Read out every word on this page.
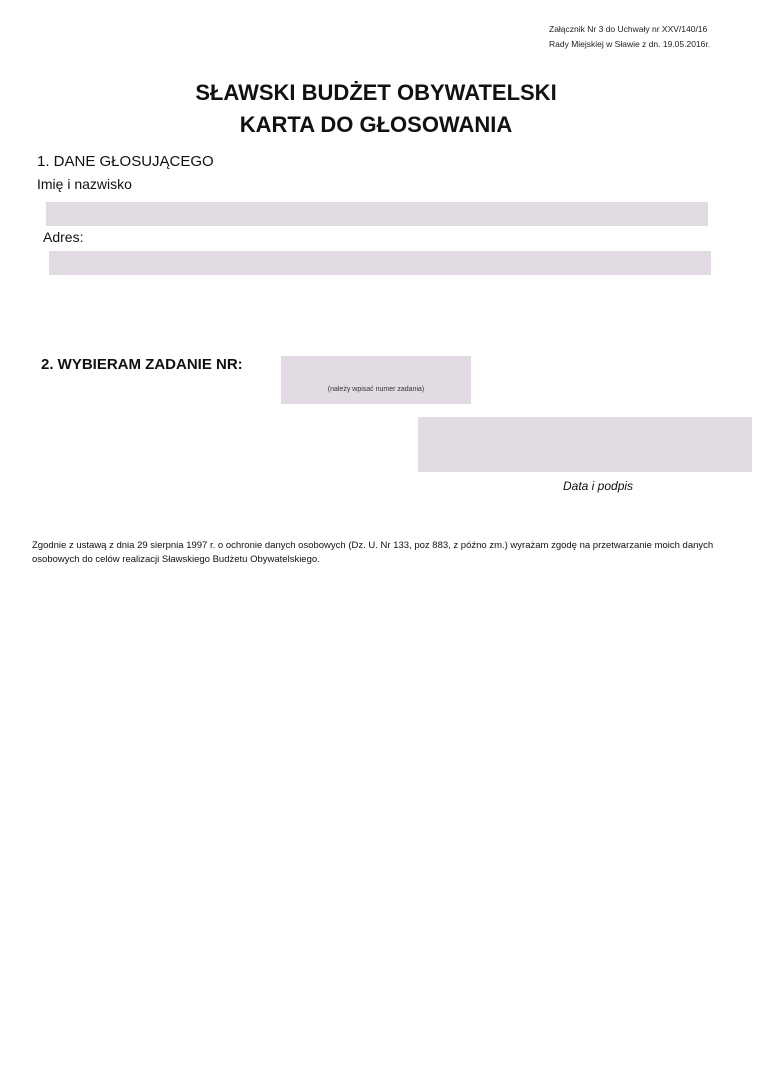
Załącznik Nr 3 do Uchwały nr XXV/140/16
Rady Miejskiej w Sławie z dn. 19.05.2016r.
SŁAWSKI BUDŻET OBYWATELSKI
KARTA DO GŁOSOWANIA
1. DANE GŁOSUJĄCEGO
Imię i nazwisko
Adres:
2. WYBIERAM ZADANIE NR:
(należy wpisać numer zadania)
Data i podpis
Zgodnie z ustawą z dnia 29 sierpnia 1997 r. o ochronie danych osobowych (Dz. U. Nr 133, poz 883, z późno zm.) wyrażam zgodę na przetwarzanie moich danych osobowych do celów realizacji Sławskiego Budżetu Obywatelskiego.
